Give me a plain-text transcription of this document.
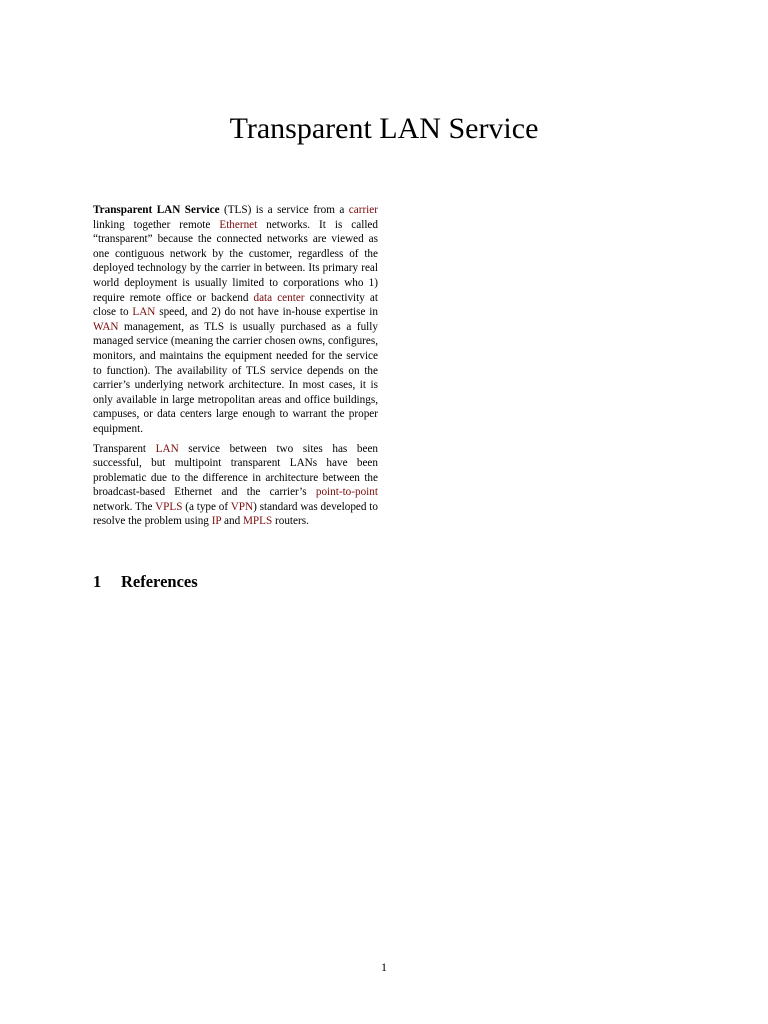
Transparent LAN Service

Transparent LAN Service (TLS) is a service from a carrier linking together remote Ethernet networks. It is called “transparent” because the connected networks are viewed as one contiguous network by the customer, regardless of the deployed technology by the carrier in between. Its primary real world deployment is usually limited to corporations who 1) require remote office or backend data center connectivity at close to LAN speed, and 2) do not have in-house expertise in WAN management, as TLS is usually purchased as a fully managed service (meaning the carrier chosen owns, configures, monitors, and maintains the equipment needed for the service to function). The availability of TLS service depends on the carrier’s underlying network architecture. In most cases, it is only available in large metropolitan areas and office buildings, campuses, or data centers large enough to warrant the proper equipment.

Transparent LAN service between two sites has been successful, but multipoint transparent LANs have been problematic due to the difference in architecture between the broadcast-based Ethernet and the carrier’s point-to-point network. The VPLS (a type of VPN) standard was developed to resolve the problem using IP and MPLS routers.

1 References
1
